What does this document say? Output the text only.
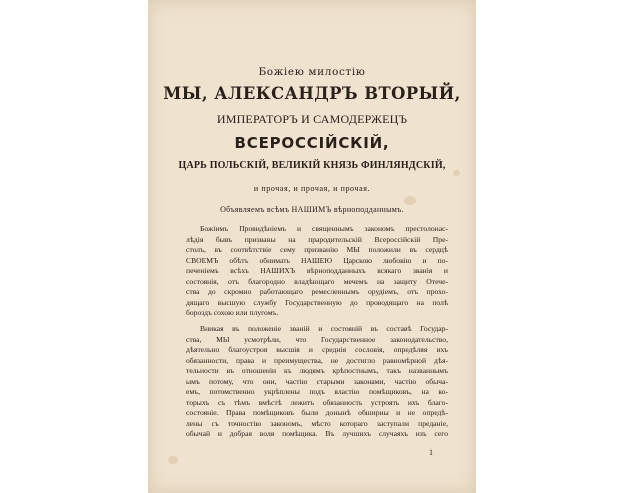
Божiею милостiю
МЫ, АЛЕКСАНДРЪ ВТОРЫЙ,
ИМПЕРАТОРЪ И САМОДЕРЖЕЦЪ
ВСЕРОССIЙСКIЙ,
ЦАРЬ ПОЛЬСКIЙ, ВЕЛИКIЙ КНЯЗЬ ФИНЛЯНДСКIЙ,
и прочая, и прочая, и прочая.
Объявляемъ всѣмъ НАШИМЪ вѣрноподданнымъ.
Божiимъ Провидѣнiемъ и священнымъ закономъ престолонас-
лѣдiя бывъ призваны на прародительскiй Всероссiйскiй Пре-
столъ, въ соотвѣтствiе сему призванiю МЫ положили въ сердцѣ
СВОЕМЪ обѣтъ обнимать НАШЕЮ Царскою любовiю и по-
печенiемъ всѣхъ НАШИХЪ вѣрноподданныхъ всякаго званiя и
состоянiя, отъ благородно владѣющаго мечемъ на защиту Отече-
ства до скромно работающаго ремесленнымъ орудiемъ, отъ прохо-
дящаго высшую службу Государственную до проводящаго на полѣ
бороздъ сохою или плугомъ.
Вникая въ положенiе званiй и состоянiй въ составѣ Государ-
ства, МЫ усмотрѣли, что Государственное законодательство,
дѣятельно благоустроя высшiя и среднiя сословiя, опредѣляя ихъ
обязанности, права и преимущества, не достигло равномѣрной дѣя-
тельности въ отношенiи къ людямъ крѣпостнымъ, такъ названнымъ
ымъ потому, что они, частiю старыми законами, частiю обыча-
емъ, потомственно укрѣплены подъ властiю помѣщиковъ, на ко-
торыхъ съ тѣмъ вмѣстѣ лежитъ обязанность устроять ихъ благо-
состоянiе. Права помѣщиковъ были донынѣ обширны и не опредѣ-
лены съ точностiю закономъ, мѣсто котораго заступали преданiе,
обычай и добрая воля помѣщика. Въ лучшихъ случаяхъ изъ сего
1
